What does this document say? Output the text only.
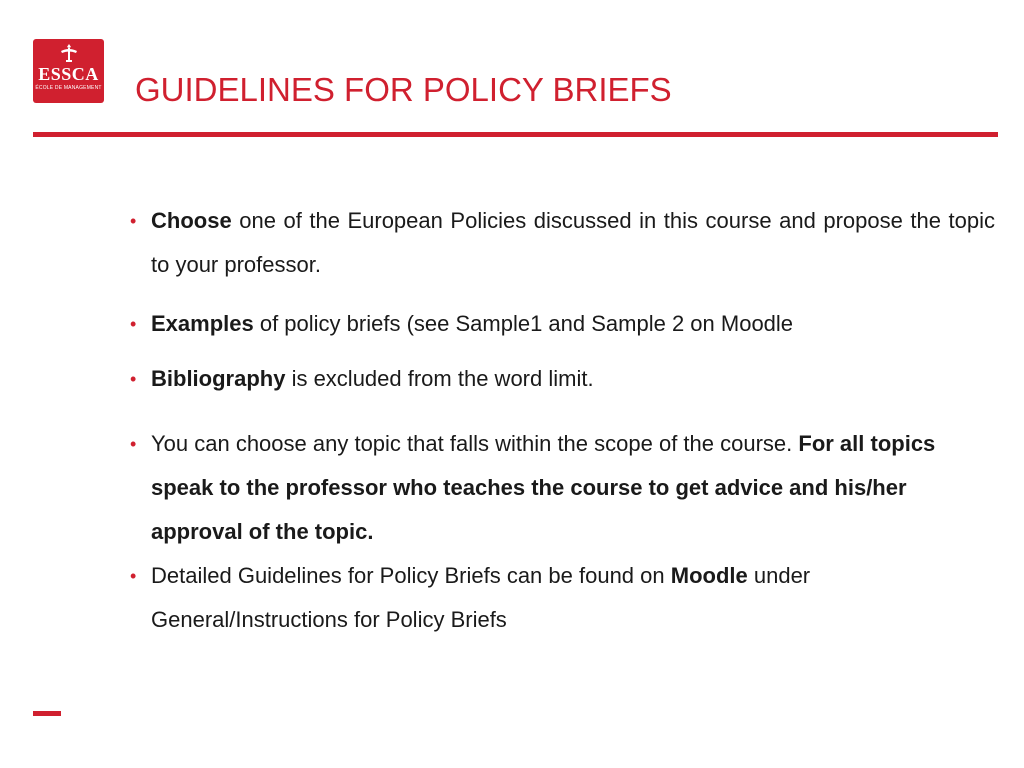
ESSCA
ÉCOLE DE MANAGEMENT GUIDELINES FOR POLICY BRIEFS
• Choose one of the European Policies discussed in this course and propose the topic to your professor.
• Examples of policy briefs (see Sample1 and Sample 2 on Moodle
• Bibliography is excluded from the word limit.
• You can choose any topic that falls within the scope of the course. For all topics speak to the professor who teaches the course to get advice and his/her approval of the topic.
• Detailed Guidelines for Policy Briefs can be found on Moodle under General/Instructions for Policy Briefs
